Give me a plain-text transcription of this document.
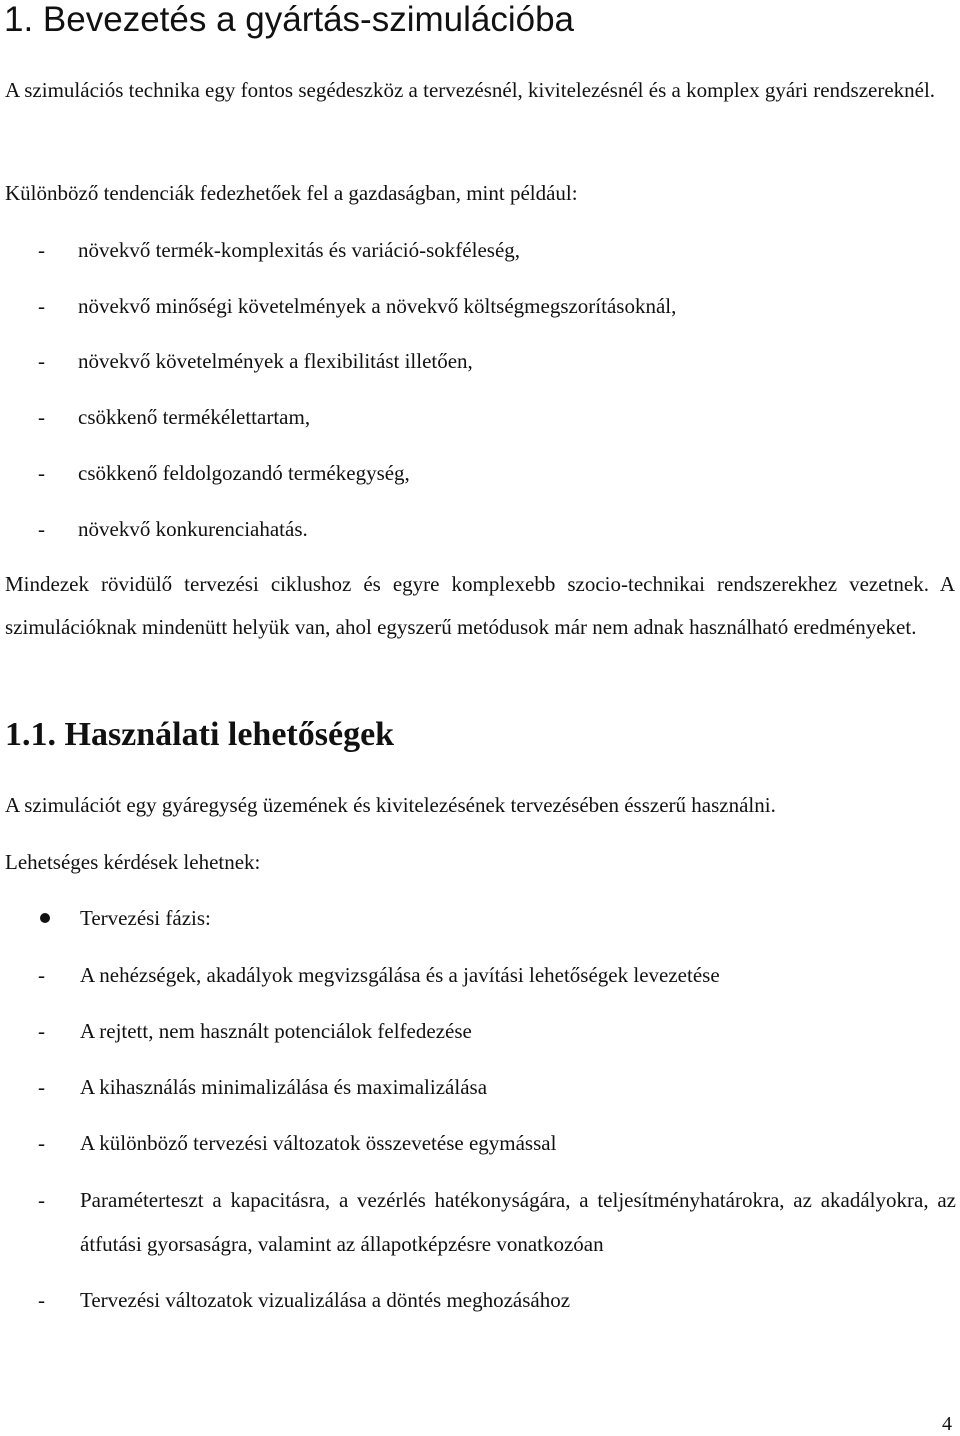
1. Bevezetés a gyártás-szimulációba

A szimulációs technika egy fontos segédeszköz a tervezésnél, kivitelezésnél és a komplex gyári rendszereknél.

Különböző tendenciák fedezhetőek fel a gazdaságban, mint például:
- növekvő termék-komplexitás és variáció-sokféleség,
- növekvő minőségi követelmények a növekvő költségmegszorításoknál,
- növekvő követelmények a flexibilitást illetően,
- csökkenő termékélettartam,
- csökkenő feldolgozandó termékegység,
- növekvő konkurenciahatás.

Mindezek rövidülő tervezési ciklushoz és egyre komplexebb szocio-technikai rendszerekhez vezetnek. A szimulációknak mindenütt helyük van, ahol egyszerű metódusok már nem adnak használható eredményeket.

1.1. Használati lehetőségek
A szimulációt egy gyáregység üzemének és kivitelezésének tervezésében ésszerű használni.
Lehetséges kérdések lehetnek:
Tervezési fázis:
- A nehézségek, akadályok megvizsgálása és a javítási lehetőségek levezetése
- A rejtett, nem használt potenciálok felfedezése
- A kihasználás minimalizálása és maximalizálása
- A különböző tervezési változatok összevetése egymással
- Paraméterteszt a kapacitásra, a vezérlés hatékonyságára, a teljesítményhatárokra, az akadályokra, az átfutási gyorsaságra, valamint az állapotképzésre vonatkozóan
- Tervezési változatok vizualizálása a döntés meghozásához
4
